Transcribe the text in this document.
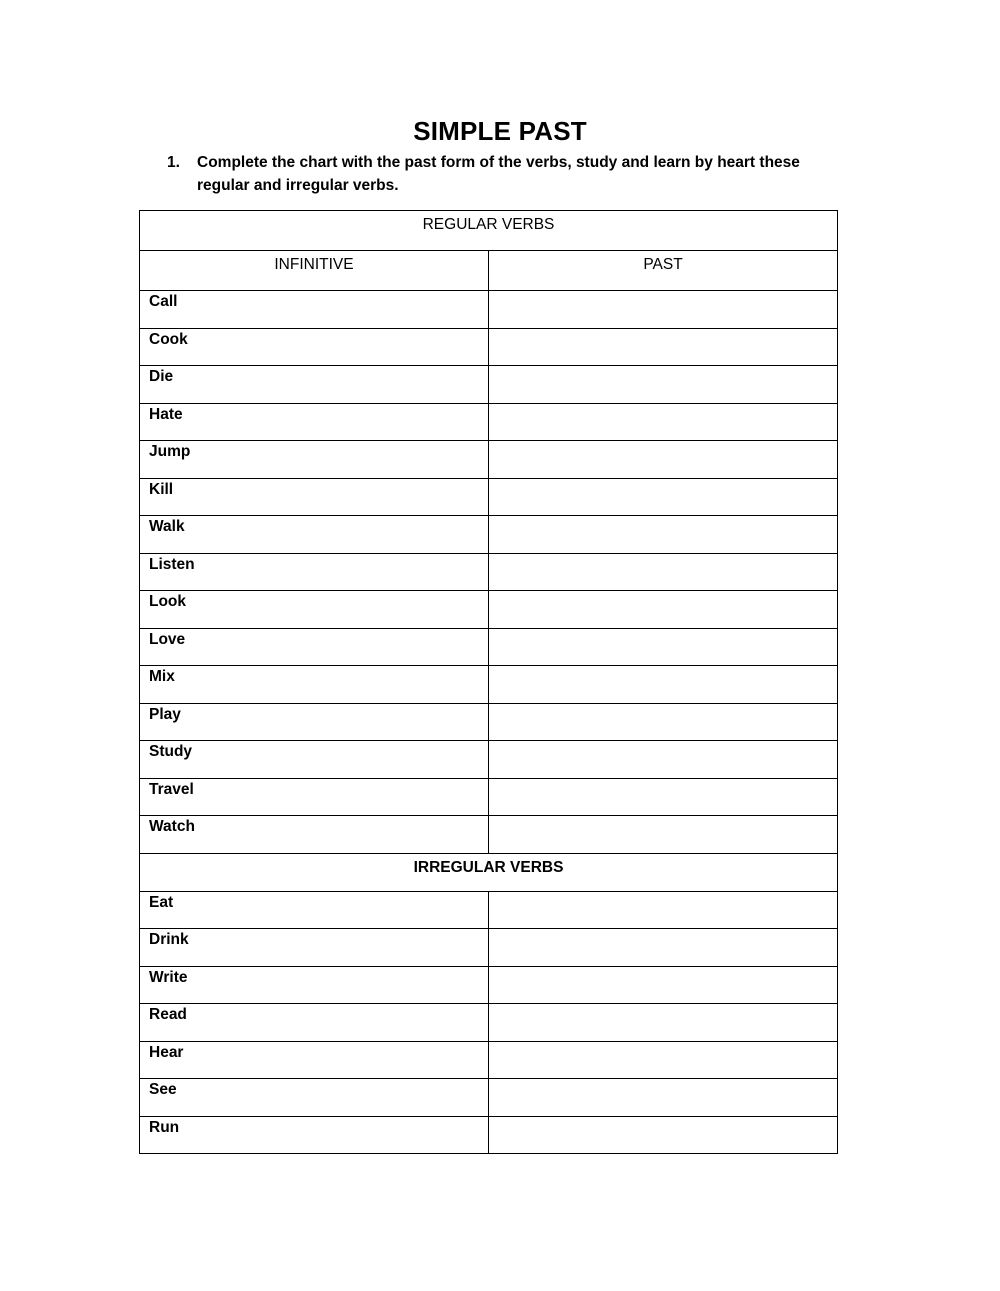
SIMPLE PAST
1. Complete the chart with the past form of the verbs, study and learn by heart these regular and irregular verbs.
REGULAR VERBS	
INFINITIVE	PAST
Call	
Cook	
Die	
Hate	
Jump	
Kill	
Walk	
Listen	
Look	
Love	
Mix	
Play	
Study	
Travel	
Watch	
IRREGULAR VERBS	
Eat	
Drink	
Write	
Read	
Hear	
See	
Run	
